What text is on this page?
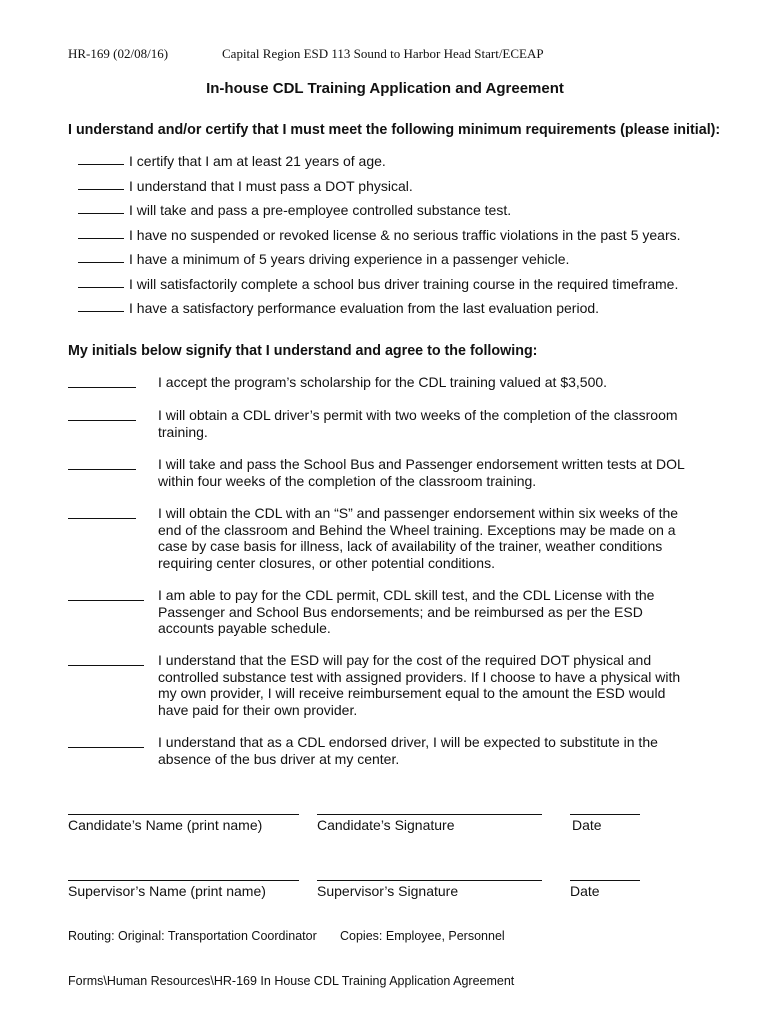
HR-169 (02/08/16)	Capital Region ESD 113 Sound to Harbor Head Start/ECEAP
In-house CDL Training Application and Agreement
I understand and/or certify that I must meet the following minimum requirements (please initial):
I certify that I am at least 21 years of age.
I understand that I must pass a DOT physical.
I will take and pass a pre-employee controlled substance test.
I have no suspended or revoked license & no serious traffic violations in the past 5 years.
I have a minimum of 5 years driving experience in a passenger vehicle.
I will satisfactorily complete a school bus driver training course in the required timeframe.
I have a satisfactory performance evaluation from the last evaluation period.
My initials below signify that I understand and agree to the following:
I accept the program’s scholarship for the CDL training valued at $3,500.
I will obtain a CDL driver’s permit with two weeks of the completion of the classroom training.
I will take and pass the School Bus and Passenger endorsement written tests at DOL within four weeks of the completion of the classroom training.
I will obtain the CDL with an “S” and passenger endorsement within six weeks of the end of the classroom and Behind the Wheel training. Exceptions may be made on a case by case basis for illness, lack of availability of the trainer, weather conditions requiring center closures, or other potential conditions.
I am able to pay for the CDL permit, CDL skill test, and the CDL License with the Passenger and School Bus endorsements; and be reimbursed as per the ESD accounts payable schedule.
I understand that the ESD will pay for the cost of the required DOT physical and controlled substance test with assigned providers. If I choose to have a physical with my own provider, I will receive reimbursement equal to the amount the ESD would have paid for their own provider.
I understand that as a CDL endorsed driver, I will be expected to substitute in the absence of the bus driver at my center.
Candidate’s Name (print name)	Candidate’s Signature	Date
Supervisor’s Name (print name)	Supervisor’s Signature	Date
Routing: Original: Transportation Coordinator Copies: Employee, Personnel
Forms\Human Resources\HR-169 In House CDL Training Application Agreement
